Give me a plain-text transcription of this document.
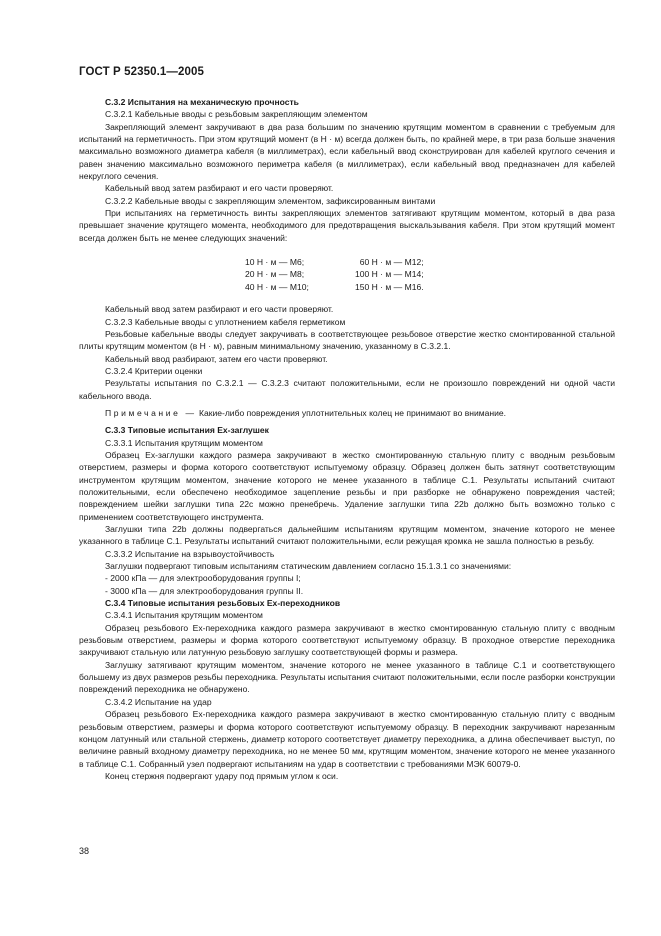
ГОСТ Р 52350.1—2005

С.3.2 Испытания на механическую прочность

С.3.2.1 Кабельные вводы с резьбовым закрепляющим элементом

Закрепляющий элемент закручивают в два раза большим по значению крутящим моментом в сравнении с требуемым для испытаний на герметичность. При этом крутящий момент (в Н · м) всегда должен быть, по крайней мере, в три раза больше значения максимально возможного диаметра кабеля (в миллиметрах), если кабельный ввод сконструирован для кабелей круглого сечения и равен значению максимально возможного периметра кабеля (в миллиметрах), если кабельный ввод предназначен для кабелей некруглого сечения.

Кабельный ввод затем разбирают и его части проверяют.

С.3.2.2 Кабельные вводы с закрепляющим элементом, зафиксированным винтами

При испытаниях на герметичность винты закрепляющих элементов затягивают крутящим моментом, который в два раза превышает значение крутящего момента, необходимого для предотвращения выскальзывания кабеля. При этом крутящий момент всегда должен быть не менее следующих значений:

10 Н · м — М6;	60 Н · м — М12;
20 Н · м — М8;	100 Н · м — М14;
40 Н · м — М10;	150 Н · м — М16.

Кабельный ввод затем разбирают и его части проверяют.

С.3.2.3 Кабельные вводы с уплотнением кабеля герметиком

Резьбовые кабельные вводы следует закручивать в соответствующее резьбовое отверстие жестко смонтированной стальной плиты крутящим моментом (в Н · м), равным минимальному значению, указанному в С.3.2.1.

Кабельный ввод разбирают, затем его части проверяют.

С.3.2.4 Критерии оценки

Результаты испытания по С.3.2.1 — С.3.2.3 считают положительными, если не произошло повреждений ни одной части кабельного ввода.

Примечание — Какие-либо повреждения уплотнительных колец не принимают во внимание.

С.3.3 Типовые испытания Ех-заглушек

С.3.3.1 Испытания крутящим моментом

Образец Ех-заглушки каждого размера закручивают в жестко смонтированную стальную плиту с вводным резьбовым отверстием, размеры и форма которого соответствуют испытуемому образцу. Образец должен быть затянут соответствующим инструментом крутящим моментом, значение которого не менее указанного в таблице С.1. Результаты испытаний считают положительными, если обеспечено необходимое зацепление резьбы и при разборке не обнаружено повреждения частей; повреждением шейки заглушки типа 22с можно пренебречь. Удаление заглушки типа 22b должно быть возможно только с применением соответствующего инструмента.

Заглушки типа 22b должны подвергаться дальнейшим испытаниям крутящим моментом, значение которого не менее указанного в таблице С.1. Результаты испытаний считают положительными, если режущая кромка не зашла полностью в резьбу.

С.3.3.2 Испытание на взрывоустойчивость

Заглушки подвергают типовым испытаниям статическим давлением согласно 15.1.3.1 со значениями:

- 2000 кПа — для электрооборудования группы I;

- 3000 кПа — для электрооборудования группы II.

С.3.4 Типовые испытания резьбовых Ех-переходников

С.3.4.1 Испытания крутящим моментом

Образец резьбового Ех-переходника каждого размера закручивают в жестко смонтированную стальную плиту с вводным резьбовым отверстием, размеры и форма которого соответствуют испытуемому образцу. В проходное отверстие переходника закручивают стальную или латунную резьбовую заглушку соответствующей формы и размера.

Заглушку затягивают крутящим моментом, значение которого не менее указанного в таблице С.1 и соответствующего большему из двух размеров резьбы переходника. Результаты испытания считают положительными, если после разборки конструкции повреждений переходника не обнаружено.

С.3.4.2 Испытание на удар

Образец резьбового Ех-переходника каждого размера закручивают в жестко смонтированную стальную плиту с вводным резьбовым отверстием, размеры и форма которого соответствуют испытуемому образцу. В переходник закручивают нарезанным концом латунный или стальной стержень, диаметр которого соответствует диаметру переходника, а длина обеспечивает выступ, по величине равный входному диаметру переходника, но не менее 50 мм, крутящим моментом, значение которого не менее указанного в таблице С.1. Собранный узел подвергают испытаниям на удар в соответствии с требованиями МЭК 60079-0.

Конец стержня подвергают удару под прямым углом к оси.

38
